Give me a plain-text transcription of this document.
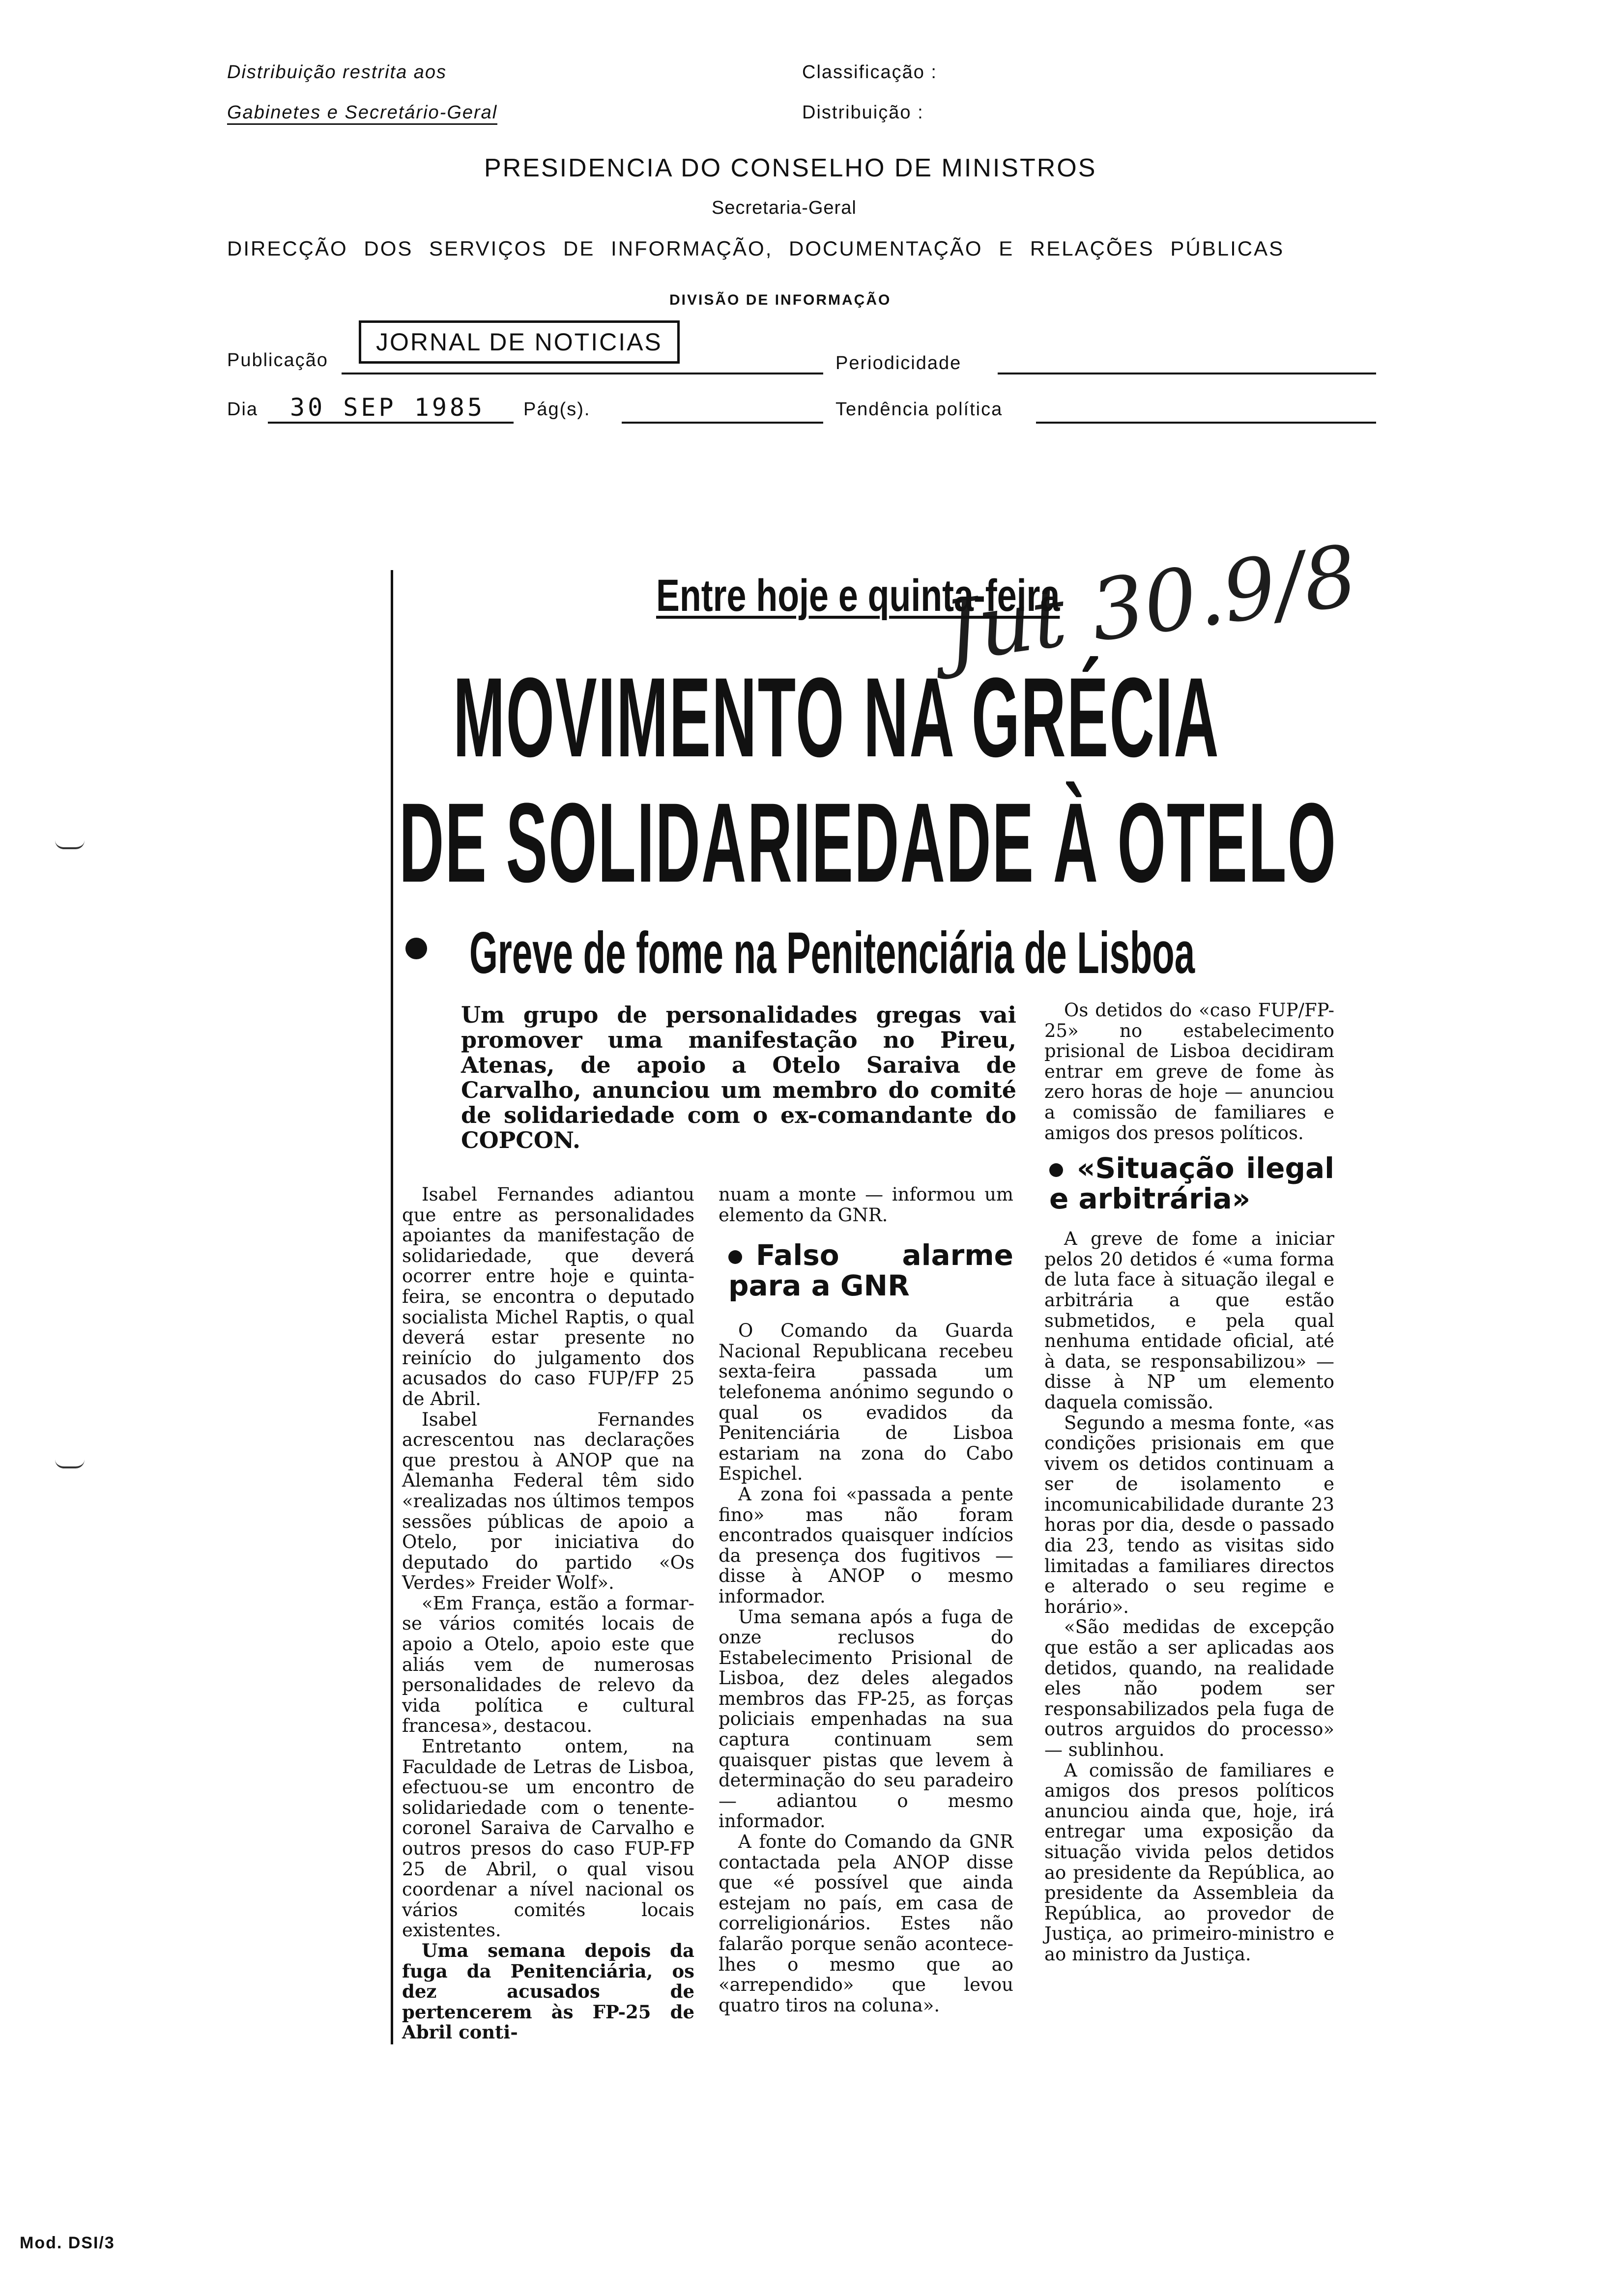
Distribuição restrita aos
Gabinetes e Secretário-Geral
Classificação :
Distribuição :
PRESIDENCIA DO CONSELHO DE MINISTROS
Secretaria-Geral
DIRECÇÃO DOS SERVIÇOS DE INFORMAÇÃO, DOCUMENTAÇÃO E RELAÇÕES PÚBLICAS
DIVISÃO DE INFORMAÇÃO
Publicação
JORNAL DE NOTICIAS
Periodicidade
Dia 30 SEP 1985 Pág(s).	Tendência política
Entre hoje e quinta-feira
Jut 30.9/8
MOVIMENTO NA GRÉCIA
DE SOLIDARIEDADE À OTELO
Greve de fome na Penitenciária de Lisboa
Um grupo de personalidades gregas vai promover uma manifestação no Pireu, Atenas, de apoio a Otelo Saraiva de Carvalho, anunciou um membro do comité de solidariedade com o ex-comandante do COPCON.

Isabel Fernandes adiantou que entre as personalidades apoiantes da manifestação de solidariedade, que deverá ocorrer entre hoje e quinta-feira, se encontra o deputado socialista Michel Raptis, o qual deverá estar presente no reinício do julgamento dos acusados do caso FUP/FP 25 de Abril.

Isabel Fernandes acrescentou nas declarações que prestou à ANOP que na Alemanha Federal têm sido «realizadas nos últimos tempos sessões públicas de apoio a Otelo, por iniciativa do deputado do partido «Os Verdes» Freider Wolf».

«Em França, estão a formar-se vários comités locais de apoio a Otelo, apoio este que aliás vem de numerosas personalidades de relevo da vida política e cultural francesa», destacou.

Entretanto ontem, na Faculdade de Letras de Lisboa, efectuou-se um encontro de solidariedade com o tenente-coronel Saraiva de Carvalho e outros presos do caso FUP-FP 25 de Abril, o qual visou coordenar a nível nacional os vários comités locais existentes.

Uma semana depois da fuga da Penitenciária, os dez acusados de pertencerem às FP-25 de Abril conti-

nuam a monte — informou um elemento da GNR.

Falso alarme para a GNR

O Comando da Guarda Nacional Republicana recebeu sexta-feira passada um telefonema anónimo segundo o qual os evadidos da Penitenciária de Lisboa estariam na zona do Cabo Espichel.

A zona foi «passada a pente fino» mas não foram encontrados quaisquer indícios da presença dos fugitivos — disse à ANOP o mesmo informador.

Uma semana após a fuga de onze reclusos do Estabelecimento Prisional de Lisboa, dez deles alegados membros das FP-25, as forças policiais empenhadas na sua captura continuam sem quaisquer pistas que levem à determinação do seu paradeiro — adiantou o mesmo informador.

A fonte do Comando da GNR contactada pela ANOP disse que «é possível que ainda estejam no país, em casa de correligionários. Estes não falarão porque senão acontece-lhes o mesmo que ao «arrependido» que levou quatro tiros na coluna».

Os detidos do «caso FUP/FP-25» no estabelecimento prisional de Lisboa decidiram entrar em greve de fome às zero horas de hoje — anunciou a comissão de familiares e amigos dos presos políticos.

«Situação ilegal e arbitrária»

A greve de fome a iniciar pelos 20 detidos é «uma forma de luta face à situação ilegal e arbitrária a que estão submetidos, e pela qual nenhuma entidade oficial, até à data, se responsabilizou» — disse à NP um elemento daquela comissão.

Segundo a mesma fonte, «as condições prisionais em que vivem os detidos continuam a ser de isolamento e incomunicabilidade durante 23 horas por dia, desde o passado dia 23, tendo as visitas sido limitadas a familiares directos e alterado o seu regime e horário».

«São medidas de excepção que estão a ser aplicadas aos detidos, quando, na realidade eles não podem ser responsabilizados pela fuga de outros arguidos do processo» — sublinhou.

A comissão de familiares e amigos dos presos políticos anunciou ainda que, hoje, irá entregar uma exposição da situação vivida pelos detidos ao presidente da República, ao presidente da Assembleia da República, ao provedor de Justiça, ao primeiro-ministro e ao ministro da Justiça.

Mod. DSI/3
